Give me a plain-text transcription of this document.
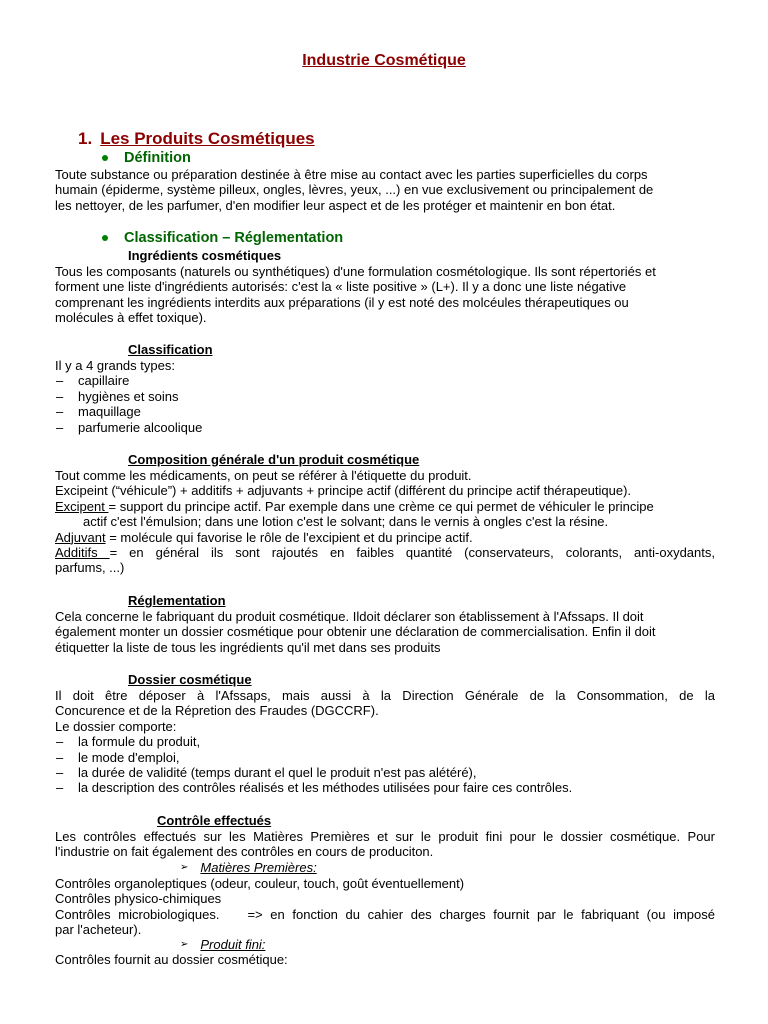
Industrie Cosmétique
1. Les Produits Cosmétiques
Définition

Toute substance ou préparation destinée à être mise au contact avec les parties superficielles du corps

humain (épiderme, système pilleux, ongles, lèvres, yeux, ...) en vue exclusivement ou principalement de

les nettoyer, de les parfumer, d'en modifier leur aspect et de les protéger et maintenir en bon état.

Classification – Réglementation
Ingrédients cosmétiques

Tous les composants (naturels ou synthétiques) d'une formulation cosmétologique. Ils sont répertoriés et

forment une liste d'ingrédients autorisés: c'est la « liste positive » (L+). Il y a donc une liste négative

comprenant les ingrédients interdits aux préparations (il y est noté des molcéules thérapeutiques ou

molécules à effet toxique).

Classification

Il y a 4 grands types:

– capillaire
– hygiènes et soins
– maquillage
– parfumerie alcoolique
Composition générale d'un produit cosmétique

Tout comme les médicaments, on peut se référer à l'étiquette du produit.

Excipeint (“véhicule”) + additifs + adjuvants + principe actif (différent du principe actif thérapeutique).

Excipent = support du principe actif. Par exemple dans une crème ce qui permet de véhiculer le principe

actif c'est l'émulsion; dans une lotion c'est le solvant; dans le vernis à ongles c'est la résine.

Adjuvant = molécule qui favorise le rôle de l'excipient et du principe actif.

Additifs = en général ils sont rajoutés en faibles quantité (conservateurs, colorants, anti-oxydants,

parfums, ...)

Réglementation

Cela concerne le fabriquant du produit cosmétique. Ildoit déclarer son établissement à l'Afssaps. Il doit

également monter un dossier cosmétique pour obtenir une déclaration de commercialisation. Enfin il doit

étiquetter la liste de tous les ingrédients qu'il met dans ses produits

Dossier cosmétique

Il doit être déposer à l'Afssaps, mais aussi à la Direction Générale de la Consommation, de la

Concurence et de la Répretion des Fraudes (DGCCRF).

Le dossier comporte:

– la formule du produit,
– le mode d'emploi,
– la durée de validité (temps durant el quel le produit n'est pas alétéré),
– la description des contrôles réalisés et les méthodes utilisées pour faire ces contrôles.
Contrôle effectués

Les contrôles effectués sur les Matières Premières et sur le produit fini pour le dossier cosmétique. Pour

l'industrie on fait également des contrôles en cours de produciton.

➢ Matières Premières:

Contrôles organoleptiques (odeur, couleur, touch, goût éventuellement)

Contrôles physico-chimiques

Contrôles microbiologiques. => en fonction du cahier des charges fournit par le fabriquant (ou imposé

par l'acheteur).

➢ Produit fini:

Contrôles fournit au dossier cosmétique:
